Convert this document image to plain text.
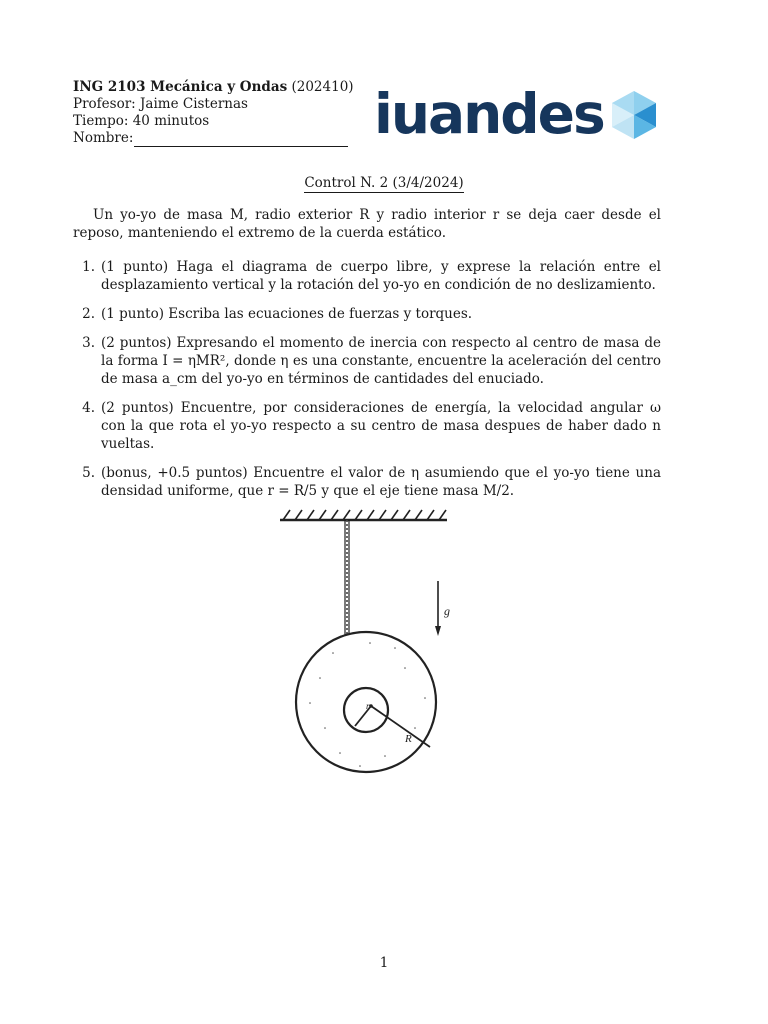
ING 2103 Mecánica y Ondas (202410)
Profesor: Jaime Cisternas
Tiempo: 40 minutos
Nombre:	iuandes
Control N. 2 (3/4/2024)
Un yo-yo de masa M, radio exterior R y radio interior r se deja caer desde el reposo, manteniendo el extremo de la cuerda estático.
1. (1 punto) Haga el diagrama de cuerpo libre, y exprese la relación entre el desplazamiento vertical y la rotación del yo-yo en condición de no deslizamiento.
2. (1 punto) Escriba las ecuaciones de fuerzas y torques.
3. (2 puntos) Expresando el momento de inercia con respecto al centro de masa de la forma I = ηMR², donde η es una constante, encuentre la aceleración del centro de masa a_cm del yo-yo en términos de cantidades del enuciado.
4. (2 puntos) Encuentre, por consideraciones de energía, la velocidad angular ω con la que rota el yo-yo respecto a su centro de masa despues de haber dado n vueltas.
5. (bonus, +0.5 puntos) Encuentre el valor de η asumiendo que el yo-yo tiene una densidad uniforme, que r = R/5 y que el eje tiene masa M/2.
r
R
g
1
